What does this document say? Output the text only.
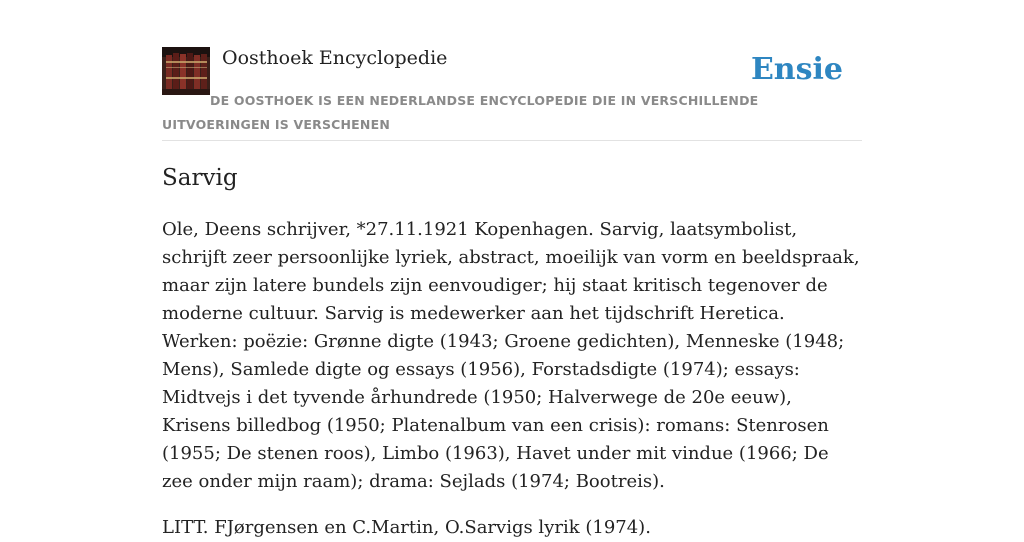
Oosthoek Encyclopedie	Ensie
DE OOSTHOEK IS EEN NEDERLANDSE ENCYCLOPEDIE DIE IN VERSCHILLENDE UITVOERINGEN IS VERSCHENEN
Sarvig

Ole, Deens schrijver, *27.11.1921 Kopenhagen. Sarvig, laatsymbolist, schrijft zeer persoonlijke lyriek, abstract, moeilijk van vorm en beeldspraak, maar zijn latere bundels zijn eenvoudiger; hij staat kritisch tegenover de moderne cultuur. Sarvig is medewerker aan het tijdschrift Heretica. Werken: poëzie: Grønne digte (1943; Groene gedichten), Menneske (1948; Mens), Samlede digte og essays (1956), Forstadsdigte (1974); essays: Midtvejs i det tyvende århundrede (1950; Halverwege de 20e eeuw), Krisens billedbog (1950; Platenalbum van een crisis): romans: Stenrosen (1955; De stenen roos), Limbo (1963), Havet under mit vindue (1966; De zee onder mijn raam); drama: Sejlads (1974; Bootreis).

LITT. FJørgensen en C.Martin, O.Sarvigs lyrik (1974).
